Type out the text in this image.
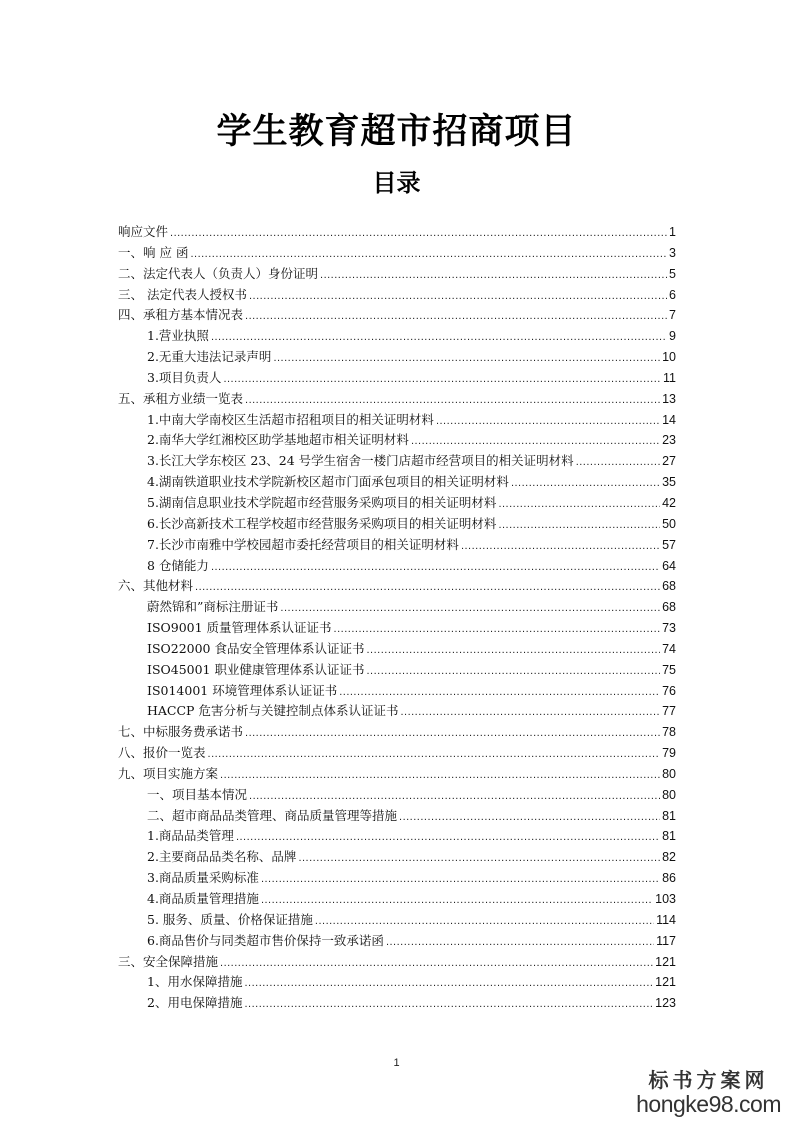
学生教育超市招商项目
目录
响应文件 .....	1
一、响 应 函 .....	3
二、法定代表人（负责人）身份证明 .....	5
三、 法定代表人授权书 .....	6
四、承租方基本情况表 .....	7
1.营业执照 .....	9
2.无重大违法记录声明 .....	10
3.项目负责人 .....	11
五、承租方业绩一览表 .....	13
1.中南大学南校区生活超市招租项目的相关证明材料 .....	14
2.南华大学红湘校区助学基地超市相关证明材料 .....	23
3.长江大学东校区 23、24 号学生宿舍一楼门店超市经营项目的相关证明材料 .....	27
4.湖南铁道职业技术学院新校区超市门面承包项目的相关证明材料 .....	35
5.湖南信息职业技术学院超市经营服务采购项目的相关证明材料 .....	42
6.长沙高新技术工程学校超市经营服务采购项目的相关证明材料 .....	50
7.长沙市南雅中学校园超市委托经营项目的相关证明材料 .....	57
8 仓储能力 .....	64
六、其他材料 .....	68
蔚然锦和”商标注册证书 .....	68
ISO9001 质量管理体系认证证书 .....	73
ISO22000 食品安全管理体系认证证书 .....	74
ISO45001 职业健康管理体系认证证书 .....	75
IS014001 环境管理体系认证证书 .....	76
HACCP 危害分析与关键控制点体系认证证书 .....	77
七、中标服务费承诺书 .....	78
八、报价一览表 .....	79
九、项目实施方案 .....	80
一、项目基本情况 .....	80
二、超市商品品类管理、商品质量管理等措施 .....	81
1.商品品类管理 .....	81
2.主要商品品类名称、品牌 .....	82
3.商品质量采购标准 .....	86
4.商品质量管理措施 .....	103
5. 服务、质量、价格保证措施 .....	114
6.商品售价与同类超市售价保持一致承诺函 .....	117
三、安全保障措施 .....	121
1、用水保障措施 .....	121
2、用电保障措施 .....	123
1
标书方案网
hongke98.com
